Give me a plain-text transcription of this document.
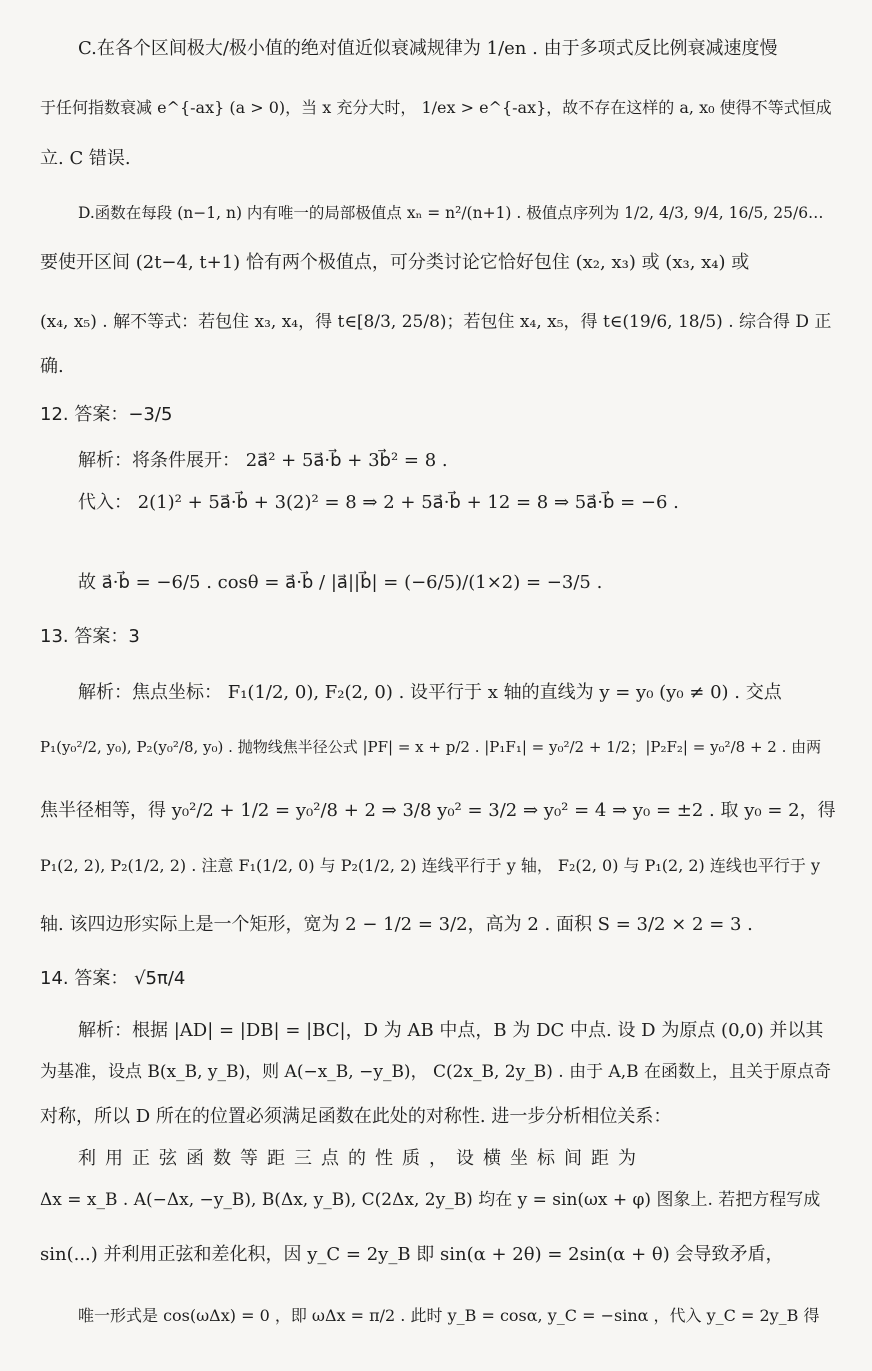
C.在各个区间极大/极小值的绝对值近似衰减规律为 1/en . 由于多项式反比例衰减速度慢
于任何指数衰减 e^{-ax} (a > 0)，当 x 充分大时， 1/ex > e^{-ax}，故不存在这样的 a, x₀ 使得不等式恒成
立. C 错误.
D.函数在每段 (n−1, n) 内有唯一的局部极值点 xₙ = n²/(n+1) . 极值点序列为 1/2, 4/3, 9/4, 16/5, 25/6…
要使开区间 (2t−4, t+1) 恰有两个极值点，可分类讨论它恰好包住 (x₂, x₃) 或 (x₃, x₄) 或
(x₄, x₅) . 解不等式：若包住 x₃, x₄，得 t∈[8/3, 25/8)；若包住 x₄, x₅，得 t∈(19/6, 18/5) . 综合得 D 正
确.
12. 答案：−3/5
解析：将条件展开： 2a⃗² + 5a⃗·b⃗ + 3b⃗² = 8 .
代入： 2(1)² + 5a⃗·b⃗ + 3(2)² = 8 ⇒ 2 + 5a⃗·b⃗ + 12 = 8 ⇒ 5a⃗·b⃗ = −6 .
故 a⃗·b⃗ = −6/5 . cosθ = a⃗·b⃗ / |a⃗||b⃗| = (−6/5)/(1×2) = −3/5 .
13. 答案：3
解析：焦点坐标： F₁(1/2, 0), F₂(2, 0) . 设平行于 x 轴的直线为 y = y₀ (y₀ ≠ 0) . 交点
P₁(y₀²/2, y₀), P₂(y₀²/8, y₀) . 抛物线焦半径公式 |PF| = x + p/2 . |P₁F₁| = y₀²/2 + 1/2；|P₂F₂| = y₀²/8 + 2 . 由两
焦半径相等，得 y₀²/2 + 1/2 = y₀²/8 + 2 ⇒ 3/8 y₀² = 3/2 ⇒ y₀² = 4 ⇒ y₀ = ±2 . 取 y₀ = 2，得
P₁(2, 2), P₂(1/2, 2) . 注意 F₁(1/2, 0) 与 P₂(1/2, 2) 连线平行于 y 轴， F₂(2, 0) 与 P₁(2, 2) 连线也平行于 y
轴. 该四边形实际上是一个矩形，宽为 2 − 1/2 = 3/2，高为 2 . 面积 S = 3/2 × 2 = 3 .
14. 答案： √5π/4
解析：根据 |AD| = |DB| = |BC|，D 为 AB 中点，B 为 DC 中点. 设 D 为原点 (0,0) 并以其
为基准，设点 B(x_B, y_B)，则 A(−x_B, −y_B)， C(2x_B, 2y_B) . 由于 A,B 在函数上，且关于原点奇
对称，所以 D 所在的位置必须满足函数在此处的对称性. 进一步分析相位关系：
利用正弦函数等距三点的性质，设横坐标间距为
Δx = x_B . A(−Δx, −y_B), B(Δx, y_B), C(2Δx, 2y_B) 均在 y = sin(ωx + φ) 图象上. 若把方程写成
sin(...) 并利用正弦和差化积，因 y_C = 2y_B 即 sin(α + 2θ) = 2sin(α + θ) 会导致矛盾，
唯一形式是 cos(ωΔx) = 0 ，即 ωΔx = π/2 . 此时 y_B = cosα, y_C = −sinα ，代入 y_C = 2y_B 得
